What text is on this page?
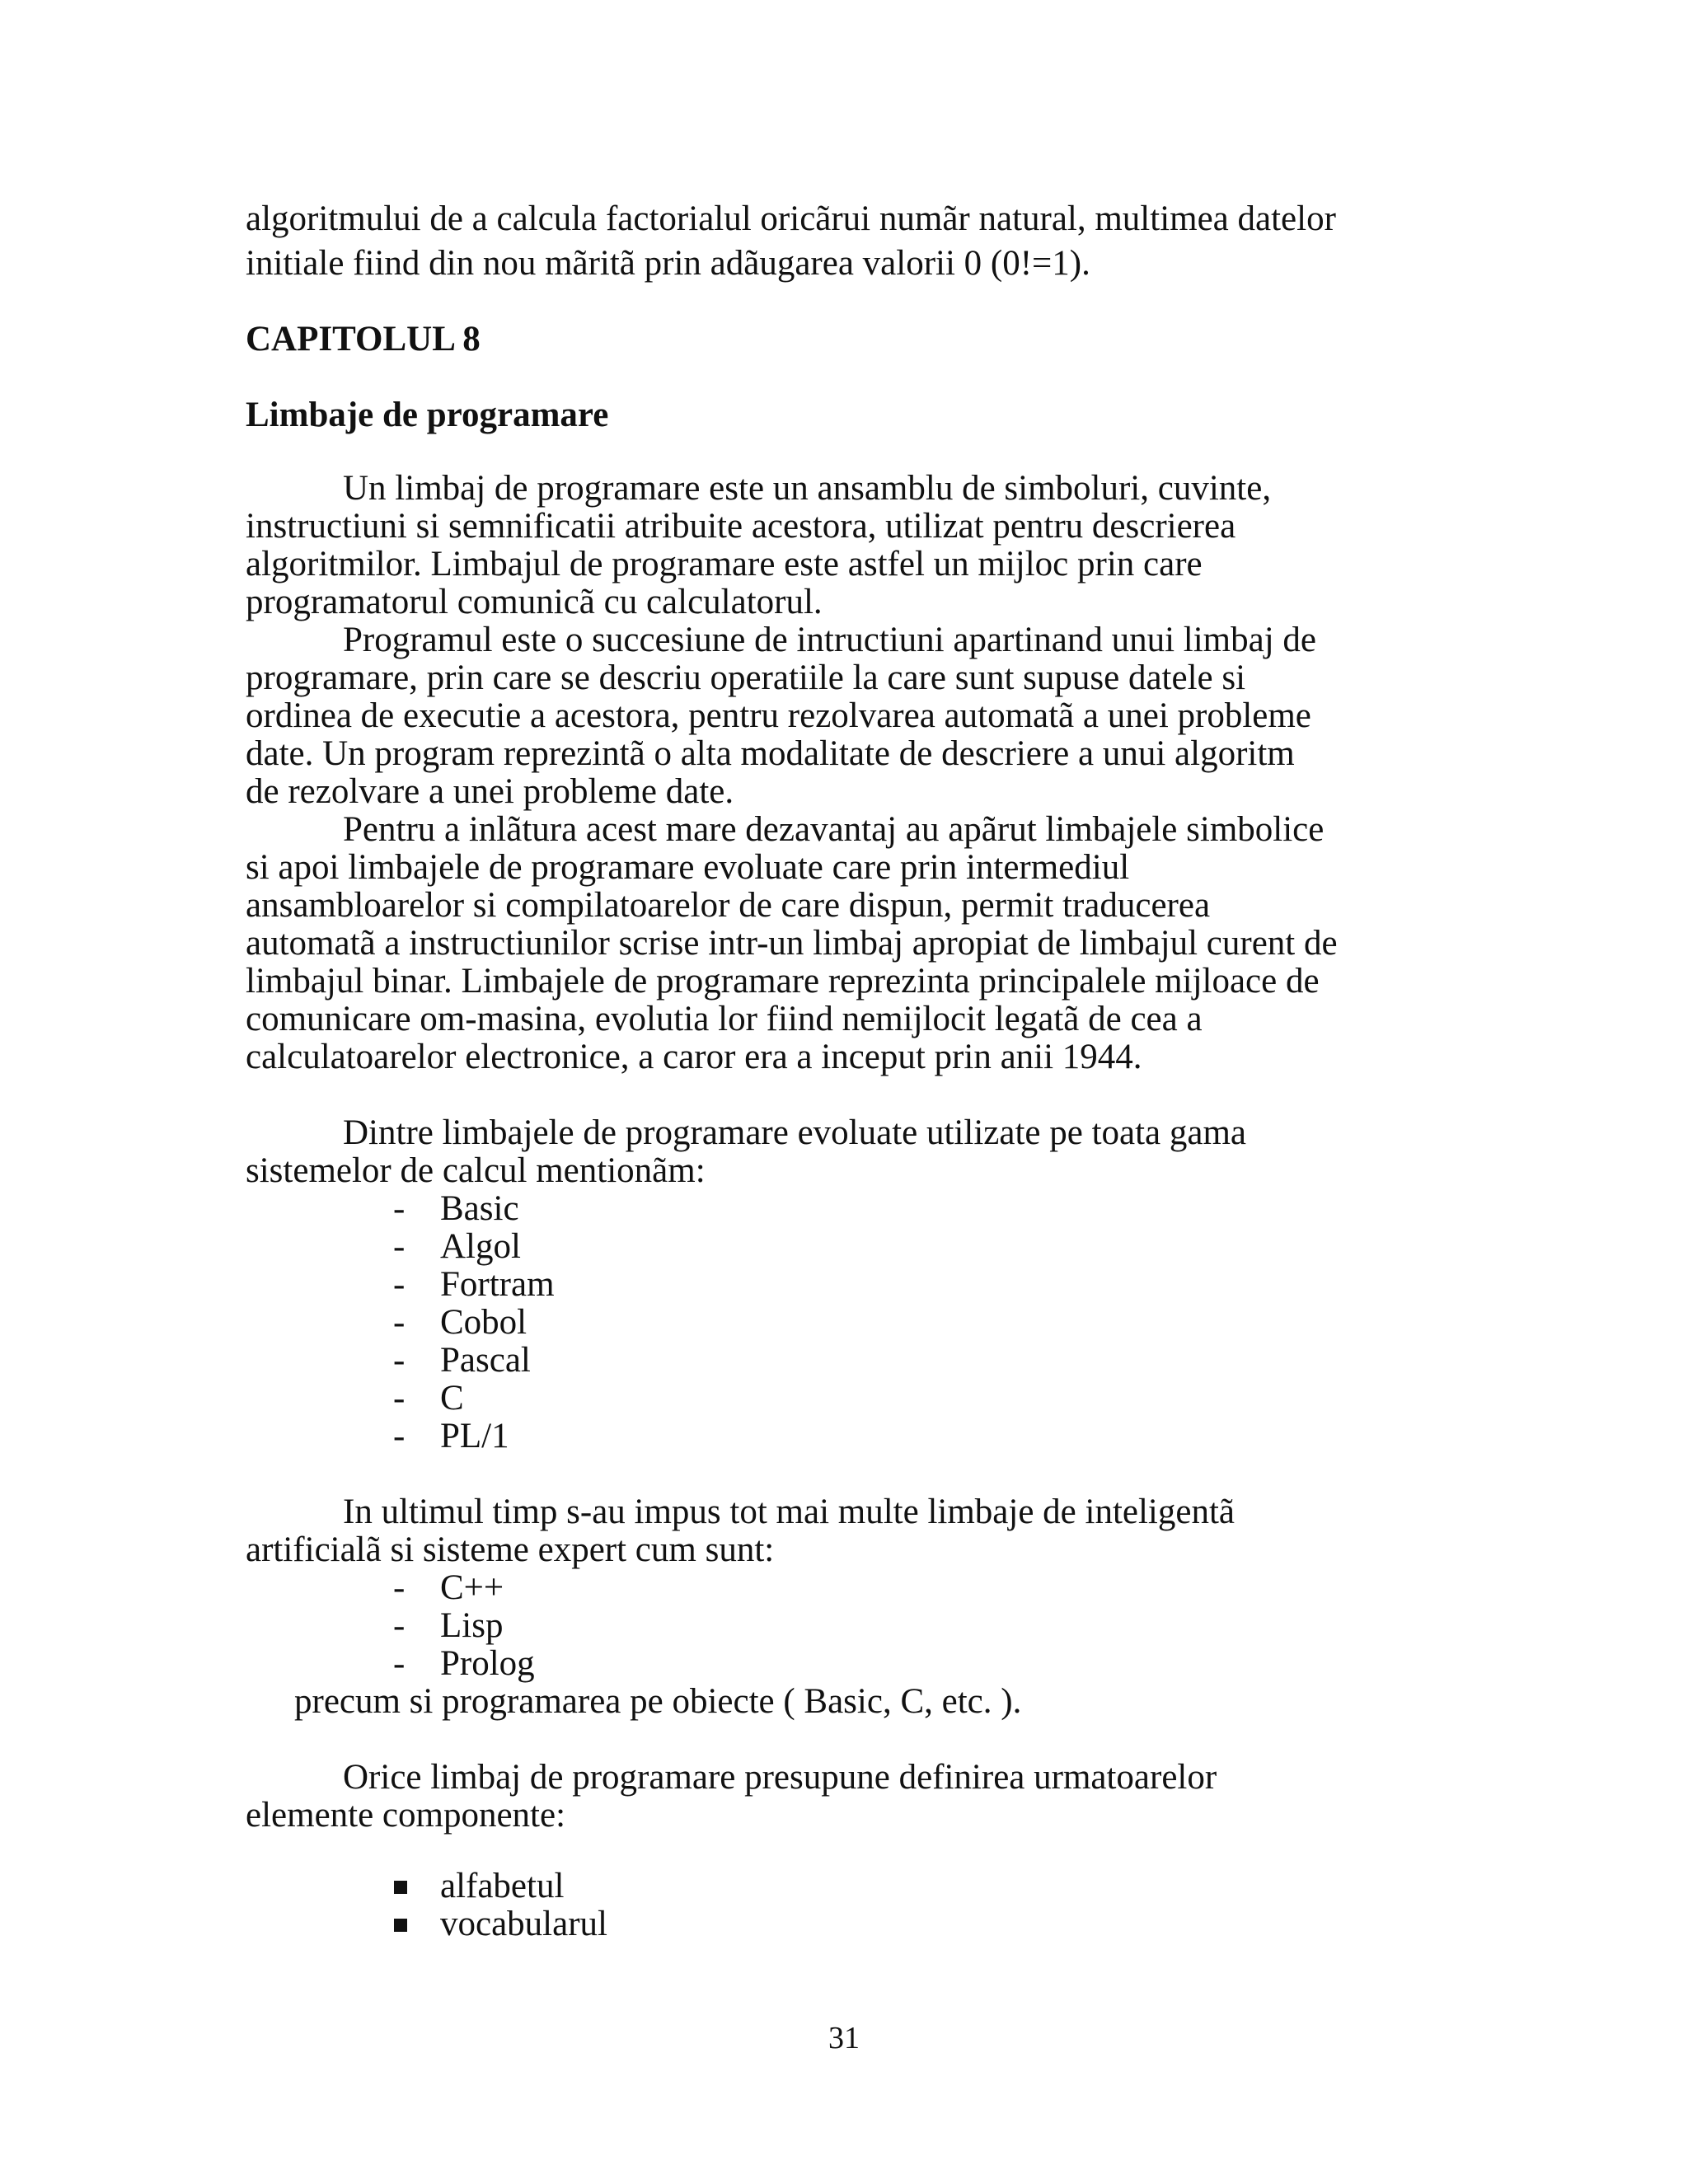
algoritmului de a calcula factorialul oricãrui numãr natural, multimea datelor
initiale fiind din nou mãritã prin adãugarea valorii 0 (0!=1).
CAPITOLUL 8
Limbaje de programare
Un limbaj de programare este un ansamblu de simboluri, cuvinte,
instructiuni si semnificatii atribuite acestora, utilizat pentru descrierea
algoritmilor. Limbajul de programare este astfel un mijloc prin care
programatorul comunicã cu calculatorul.
Programul este o succesiune de intructiuni apartinand unui limbaj de
programare, prin care se descriu operatiile la care sunt supuse datele si
ordinea de executie a acestora, pentru rezolvarea automatã a unei probleme
date. Un program reprezintã o alta modalitate de descriere a unui algoritm
de rezolvare a unei probleme date.
Pentru a inlãtura acest mare dezavantaj au apãrut limbajele simbolice
si apoi limbajele de programare evoluate care prin intermediul
ansambloarelor si compilatoarelor de care dispun, permit traducerea
automatã a instructiunilor scrise intr-un limbaj apropiat de limbajul curent de
limbajul binar. Limbajele de programare reprezinta principalele mijloace de
comunicare om-masina, evolutia lor fiind nemijlocit legatã de cea a
calculatoarelor electronice, a caror era a inceput prin anii 1944.
Dintre limbajele de programare evoluate utilizate pe toata gama
sistemelor de calcul mentionãm:
- Basic
- Algol
- Fortram
- Cobol
- Pascal
- C
- PL/1
In ultimul timp s-au impus tot mai multe limbaje de inteligentã
artificialã si sisteme expert cum sunt:
- C++
- Lisp
- Prolog
precum si programarea pe obiecte ( Basic, C, etc. ).
Orice limbaj de programare presupune definirea urmatoarelor
elemente componente:
alfabetul
vocabularul
31
